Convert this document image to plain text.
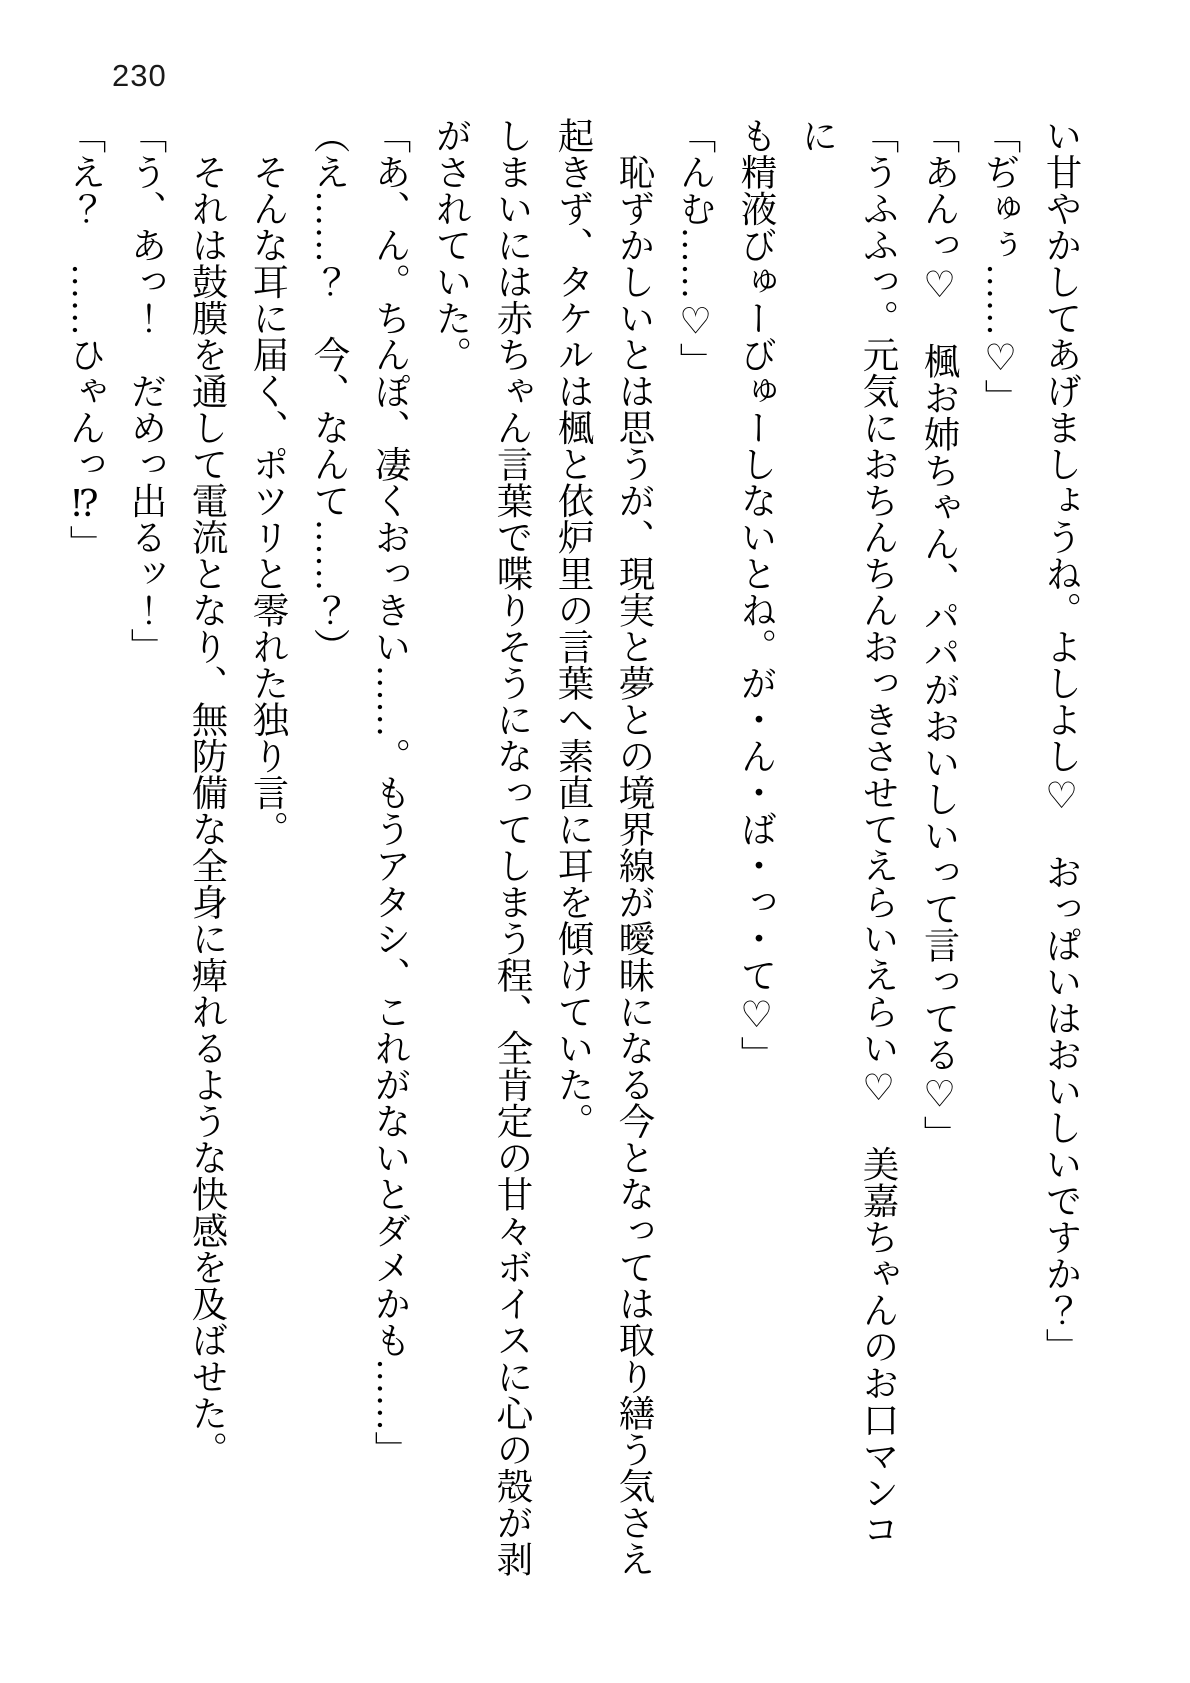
230

い甘やかしてあげましょうね。よしよし♡　おっぱいはおいしいですか？」

「ぢゅぅ……♡」

「あんっ♡　楓お姉ちゃん、パパがおいしいって言ってる♡」

「うふふっ。元気におちんちんおっきさせてえらいえらい♡　美嘉ちゃんのお口マンコに

も精液びゅーびゅーしないとね。が・ん・ば・っ・て♡」

「んむ……♡」

　恥ずかしいとは思うが、現実と夢との境界線が曖昧になる今となっては取り繕う気さえ

起きず、タケルは楓と依炉里の言葉へ素直に耳を傾けていた。

しまいには赤ちゃん言葉で喋りそうになってしまう程、全肯定の甘々ボイスに心の殻が剥

がされていた。

「あ、ん。ちんぽ、凄くおっきい……。もうアタシ、これがないとダメかも……」

（え……？　今、なんて……？）

　そんな耳に届く、ポツリと零れた独り言。

　それは鼓膜を通して電流となり、無防備な全身に痺れるような快感を及ばせた。

「う、あっ！　だめっ出るッ！」

「え？　……ひゃんっ⁉」
